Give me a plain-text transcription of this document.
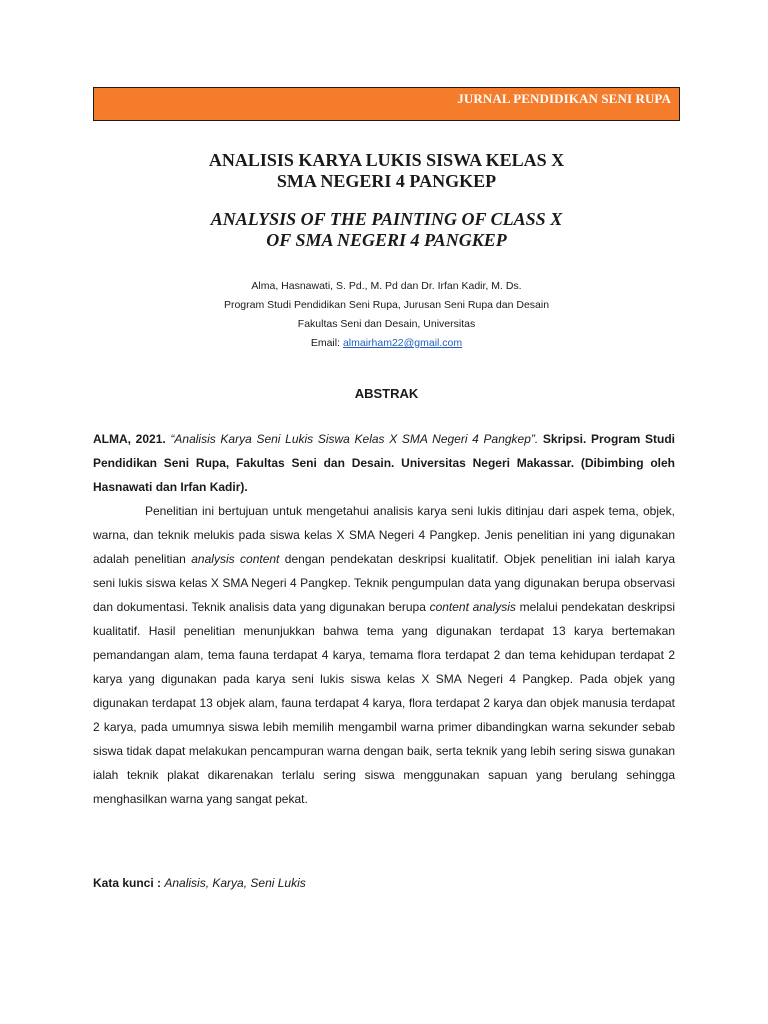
JURNAL PENDIDIKAN SENI RUPA
ANALISIS KARYA LUKIS SISWA KELAS X
SMA NEGERI 4 PANGKEP
ANALYSIS OF THE PAINTING OF CLASS X
OF SMA NEGERI 4 PANGKEP
Alma, Hasnawati, S. Pd., M. Pd dan Dr. Irfan Kadir, M. Ds.
Program Studi Pendidikan Seni Rupa, Jurusan Seni Rupa dan Desain
Fakultas Seni dan Desain, Universitas
Email: almairham22@gmail.com
ABSTRAK
ALMA, 2021. “Analisis Karya Seni Lukis Siswa Kelas X SMA Negeri 4 Pangkep”. Skripsi. Program Studi Pendidikan Seni Rupa, Fakultas Seni dan Desain. Universitas Negeri Makassar. (Dibimbing oleh Hasnawati dan Irfan Kadir).
Penelitian ini bertujuan untuk mengetahui analisis karya seni lukis ditinjau dari aspek tema, objek, warna, dan teknik melukis pada siswa kelas X SMA Negeri 4 Pangkep. Jenis penelitian ini yang digunakan adalah penelitian analysis content dengan pendekatan deskripsi kualitatif. Objek penelitian ini ialah karya seni lukis siswa kelas X SMA Negeri 4 Pangkep. Teknik pengumpulan data yang digunakan berupa observasi dan dokumentasi. Teknik analisis data yang digunakan berupa content analysis melalui pendekatan deskripsi kualitatif. Hasil penelitian menunjukkan bahwa tema yang digunakan terdapat 13 karya bertemakan pemandangan alam, tema fauna terdapat 4 karya, temama flora terdapat 2 dan tema kehidupan terdapat 2 karya yang digunakan pada karya seni lukis siswa kelas X SMA Negeri 4 Pangkep. Pada objek yang digunakan terdapat 13 objek alam, fauna terdapat 4 karya, flora terdapat 2 karya dan objek manusia terdapat 2 karya, pada umumnya siswa lebih memilih mengambil warna primer dibandingkan warna sekunder sebab siswa tidak dapat melakukan pencampuran warna dengan baik, serta teknik yang lebih sering siswa gunakan ialah teknik plakat dikarenakan terlalu sering siswa menggunakan sapuan yang berulang sehingga menghasilkan warna yang sangat pekat.
Kata kunci : Analisis, Karya, Seni Lukis
